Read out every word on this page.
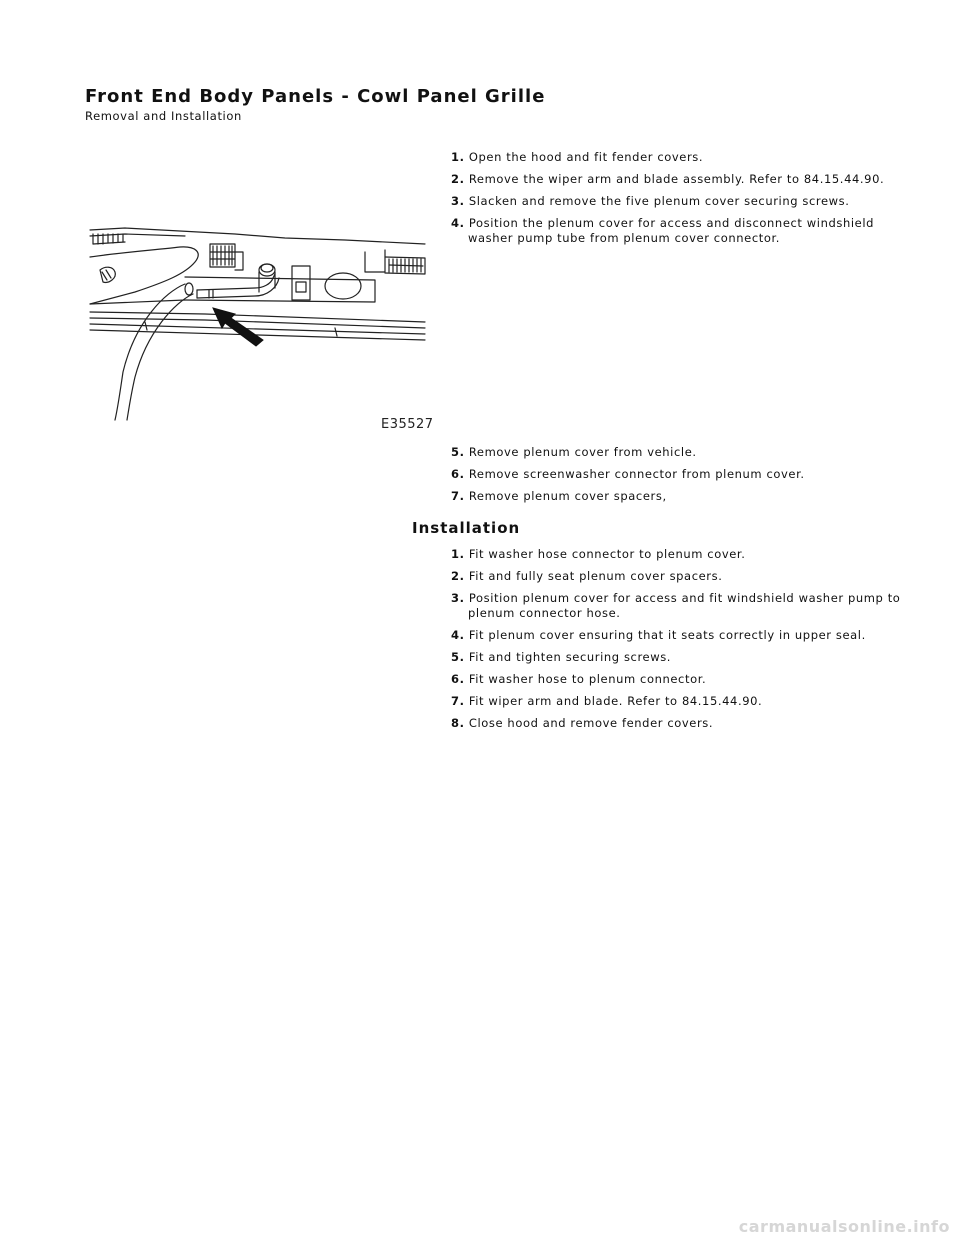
Front End Body Panels - Cowl Panel Grille

Removal and Installation

1. Open the hood and fit fender covers.
2. Remove the wiper arm and blade assembly. Refer to 84.15.44.90.
3. Slacken and remove the five plenum cover securing screws.
4. Position the plenum cover for access and disconnect windshield washer pump tube from plenum cover connector.
E35527
5. Remove plenum cover from vehicle.
6. Remove screenwasher connector from plenum cover.
7. Remove plenum cover spacers,
Installation
1. Fit washer hose connector to plenum cover.
2. Fit and fully seat plenum cover spacers.
3. Position plenum cover for access and fit windshield washer pump to plenum connector hose.
4. Fit plenum cover ensuring that it seats correctly in upper seal.
5. Fit and tighten securing screws.
6. Fit washer hose to plenum connector.
7. Fit wiper arm and blade. Refer to 84.15.44.90.
8. Close hood and remove fender covers.
carmanualsonline.info
